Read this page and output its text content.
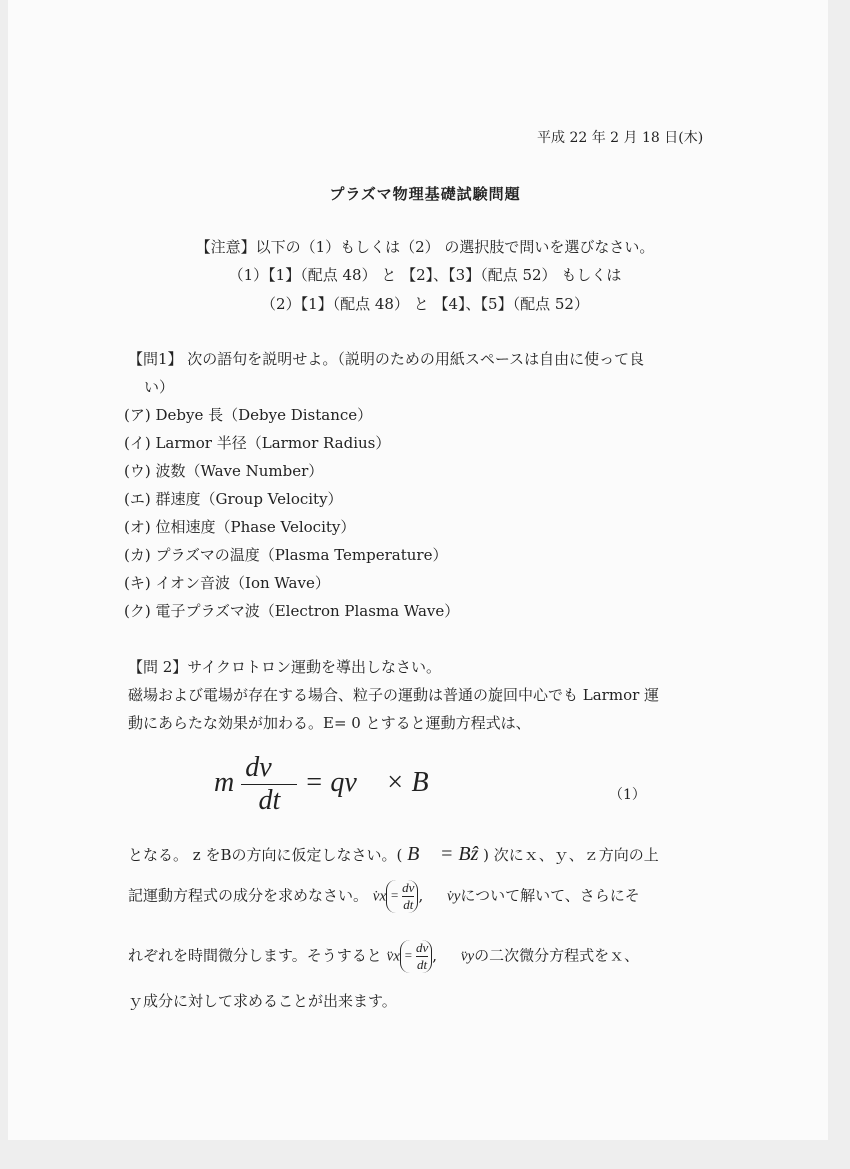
平成 22 年 2 月 18 日(木)
プラズマ物理基礎試験問題
【注意】以下の（1）もしくは（2） の選択肢で問いを選びなさい。
（1）【1】（配点 48） と 【2】、【3】（配点 52） もしくは
（2）【1】（配点 48） と 【4】、【5】（配点 52）
【問1】 次の語句を説明せよ。（説明のための用紙スペースは自由に使って良
い）
(ア) Debye 長（Debye Distance）
(イ) Larmor 半径（Larmor Radius）
(ウ) 波数（Wave Number）
(エ) 群速度（Group Velocity）
(オ) 位相速度（Phase Velocity）
(カ) プラズマの温度（Plasma Temperature）
(キ) イオン音波（Ion Wave）
(ク) 電子プラズマ波（Electron Plasma Wave）
【問 2】サイクロトロン運動を導出しなさい。
磁場および電場が存在する場合、粒子の運動は普通の旋回中心でも Larmor 運
動にあらたな効果が加わる。E= 0 とすると運動方程式は、
m $\frac{dv⃗}{dt}$ = qv⃗ × B⃗	（1）
となる。 z をBの方向に仮定しなさい。( B⃗ = Bẑ ) 次にｘ、ｙ、ｚ方向の上
記運動方程式の成分を求めなさい。 v̇x = $\frac{dv}{dt}$ ,     v̇yについて解いて、さらにそ
れぞれを時間微分します。そうすると v̈x = $\frac{dv}{dt}$ ,     v̈yの二次微分方程式をｘ、
ｙ成分に対して求めることが出来ます。
